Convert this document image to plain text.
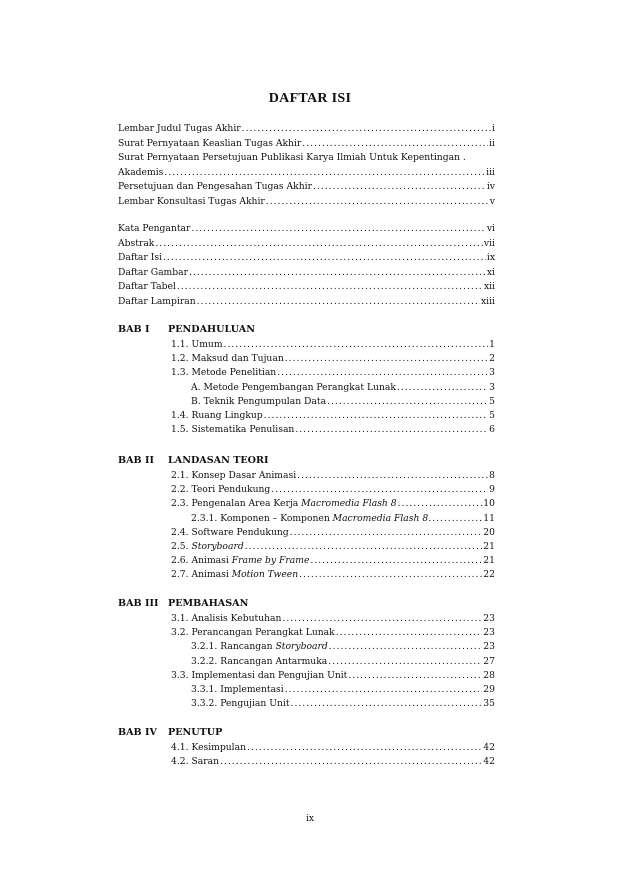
DAFTAR ISI
Lembar Judul Tugas Akhir .....	i
Surat Pernyataan Keaslian Tugas Akhir .....	ii
Surat Pernyataan Persetujuan Publikasi Karya Ilmiah Untuk Kepentingan .
Akademis .....	iii
Persetujuan dan Pengesahan Tugas Akhir .....	iv
Lembar Konsultasi Tugas Akhir .....	v
Kata Pengantar .....	vi
Abstrak .....	vii
Daftar Isi .....	ix
Daftar Gambar .....	xi
Daftar Tabel .....	xii
Daftar Lampiran .....	xiii
BAB I PENDAHULUAN
1.1. Umum .....	1
1.2. Maksud dan Tujuan .....	2
1.3. Metode Penelitian .....	3
A. Metode Pengembangan Perangkat Lunak .....	3
B. Teknik Pengumpulan Data .....	5
1.4. Ruang Lingkup .....	5
1.5. Sistematika Penulisan .....	6
BAB II LANDASAN TEORI
2.1. Konsep Dasar Animasi .....	8
2.2. Teori Pendukung .....	9
2.3. Pengenalan Area Kerja Macromedia Flash 8 .....	10
2.3.1. Komponen – Komponen Macromedia Flash 8. .....	11
2.4. Software Pendukung .....	20
2.5. Storyboard .....	21
2.6. Animasi Frame by Frame .....	21
2.7. Animasi Motion Tween .....	22
BAB III PEMBAHASAN
3.1. Analisis Kebutuhan .....	23
3.2. Perancangan Perangkat Lunak .....	23
3.2.1. Rancangan Storyboard .....	23
3.2.2. Rancangan Antarmuka .....	27
3.3. Implementasi dan Pengujian Unit .....	28
3.3.1. Implementasi .....	29
3.3.2. Pengujian Unit .....	35
BAB IV PENUTUP
4.1. Kesimpulan .....	42
4.2. Saran .....	42
ix
